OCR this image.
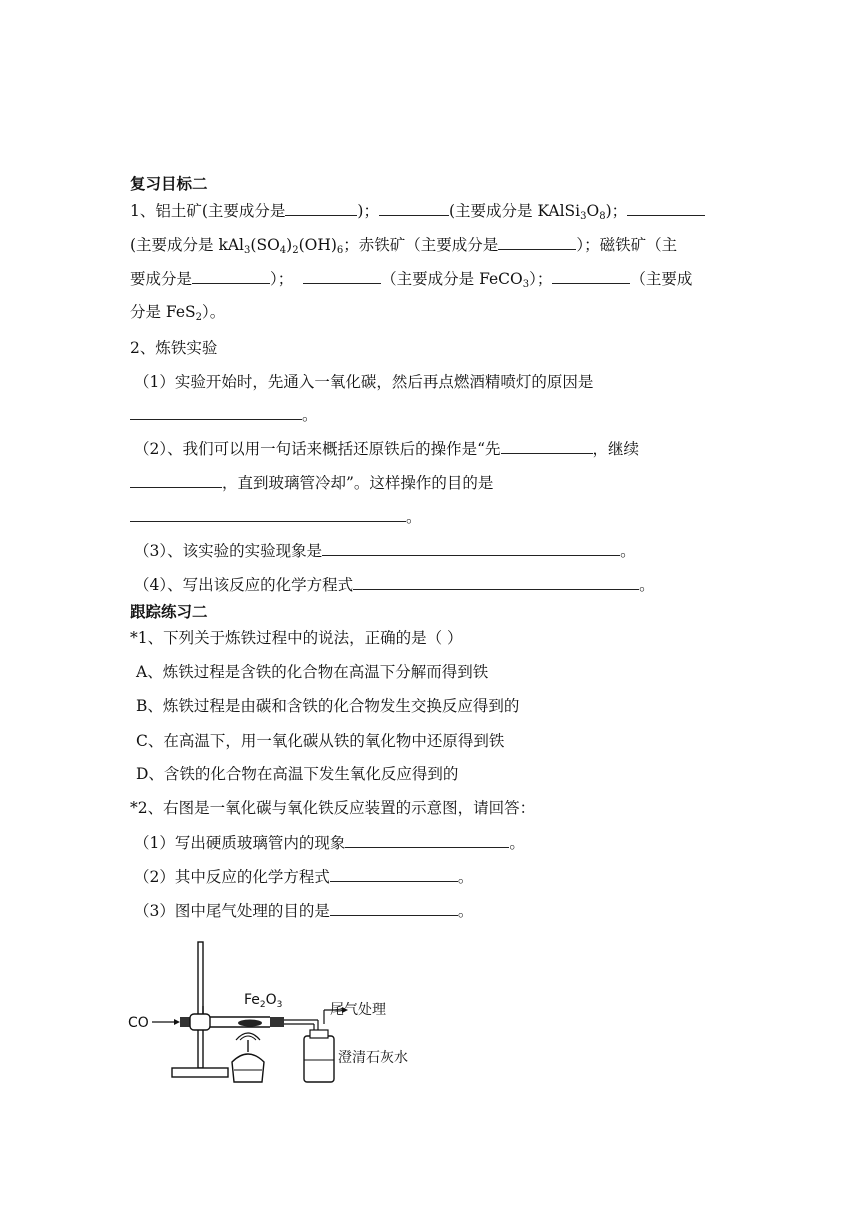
复习目标二
1、铝土矿(主要成分是	)；	(主要成分是 $KAlSi_3O_8$)；
(主要成分是 $kAl_3(SO_4)_2(OH)_6$；赤铁矿（主要成分是	）；磁铁矿（主
要成分是	）；	（主要成分是 FeCO$_3$）；	（主要成
分是 FeS$_2$）。
2、炼铁实验
（1）实验开始时，先通入一氧化碳，然后再点燃酒精喷灯的原因是
。
（2）、我们可以用一句话来概括还原铁后的操作是“先	，继续
，直到玻璃管冷却”。这样操作的目的是
。
（3）、该实验的实验现象是	。
（4）、写出该反应的化学方程式	。
跟踪练习二
*1、下列关于炼铁过程中的说法，正确的是（ ）
A、炼铁过程是含铁的化合物在高温下分解而得到铁
B、炼铁过程是由碳和含铁的化合物发生交换反应得到的
C、在高温下，用一氧化碳从铁的氧化物中还原得到铁
D、含铁的化合物在高温下发生氧化反应得到的
*2、右图是一氧化碳与氧化铁反应装置的示意图，请回答：
（1）写出硬质玻璃管内的现象	。
（2）其中反应的化学方程式	。
（3）图中尾气处理的目的是	。
CO
尾气处理
$Fe_2O_3$
澄清石灰水
